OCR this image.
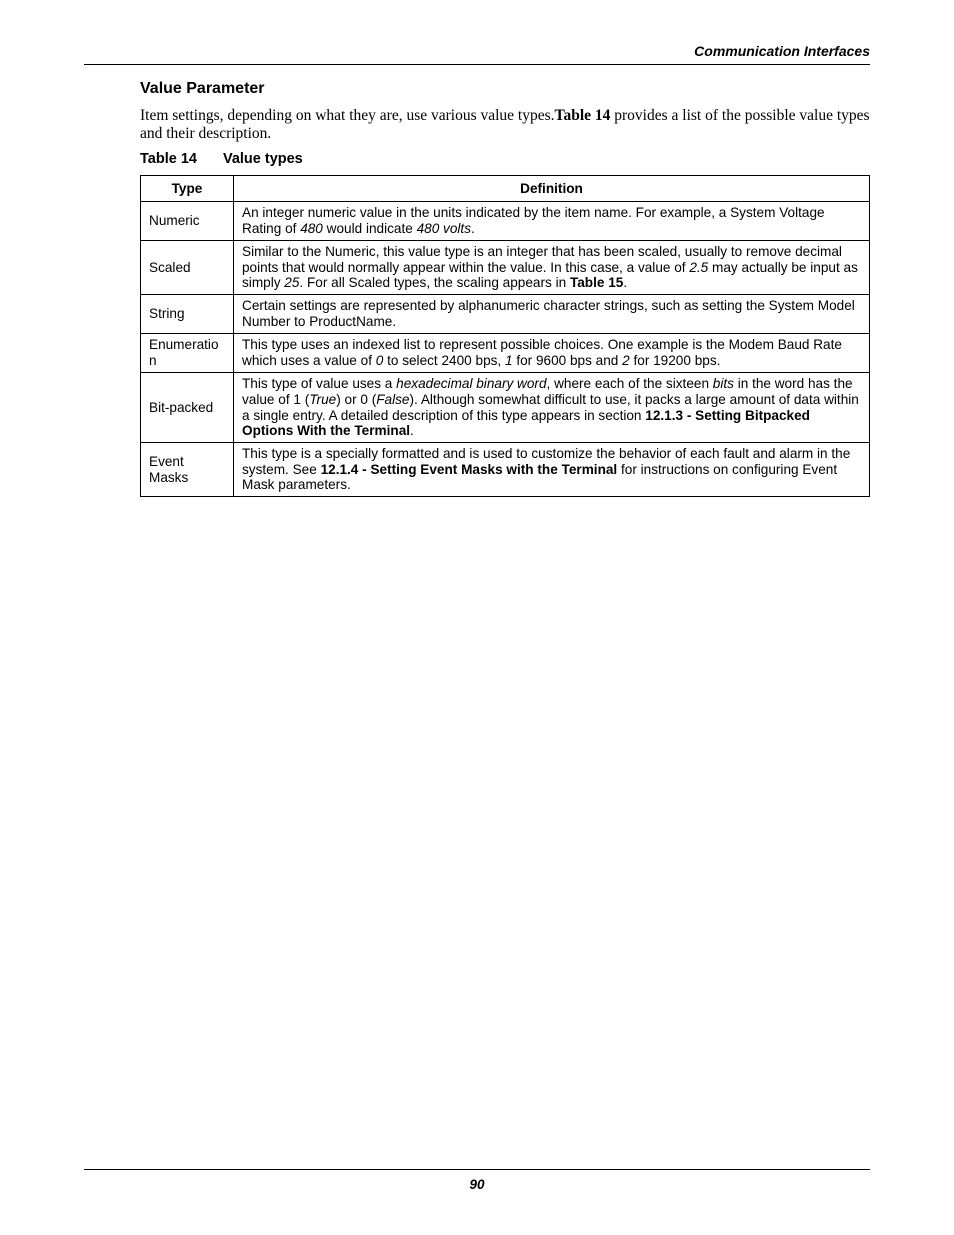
Communication Interfaces
Value Parameter

Item settings, depending on what they are, use various value types.Table 14 provides a list of the possible value types and their description.

Table 14 Value types
Type	Definition
Numeric	An integer numeric value in the units indicated by the item name. For example, a System Voltage Rating of 480 would indicate 480 volts.
Scaled	Similar to the Numeric, this value type is an integer that has been scaled, usually to remove decimal points that would normally appear within the value. In this case, a value of 2.5 may actually be input as simply 25. For all Scaled types, the scaling appears in Table 15.
String	Certain settings are represented by alphanumeric character strings, such as setting the System Model Number to ProductName.
Enumeration	This type uses an indexed list to represent possible choices. One example is the Modem Baud Rate which uses a value of 0 to select 2400 bps, 1 for 9600 bps and 2 for 19200 bps.
Bit-packed	This type of value uses a hexadecimal binary word, where each of the sixteen bits in the word has the value of 1 (True) or 0 (False). Although somewhat difficult to use, it packs a large amount of data within a single entry. A detailed description of this type appears in section 12.1.3 - Setting Bitpacked Options With the Terminal.
Event Masks	This type is a specially formatted and is used to customize the behavior of each fault and alarm in the system. See 12.1.4 - Setting Event Masks with the Terminal for instructions on configuring Event Mask parameters.
90
